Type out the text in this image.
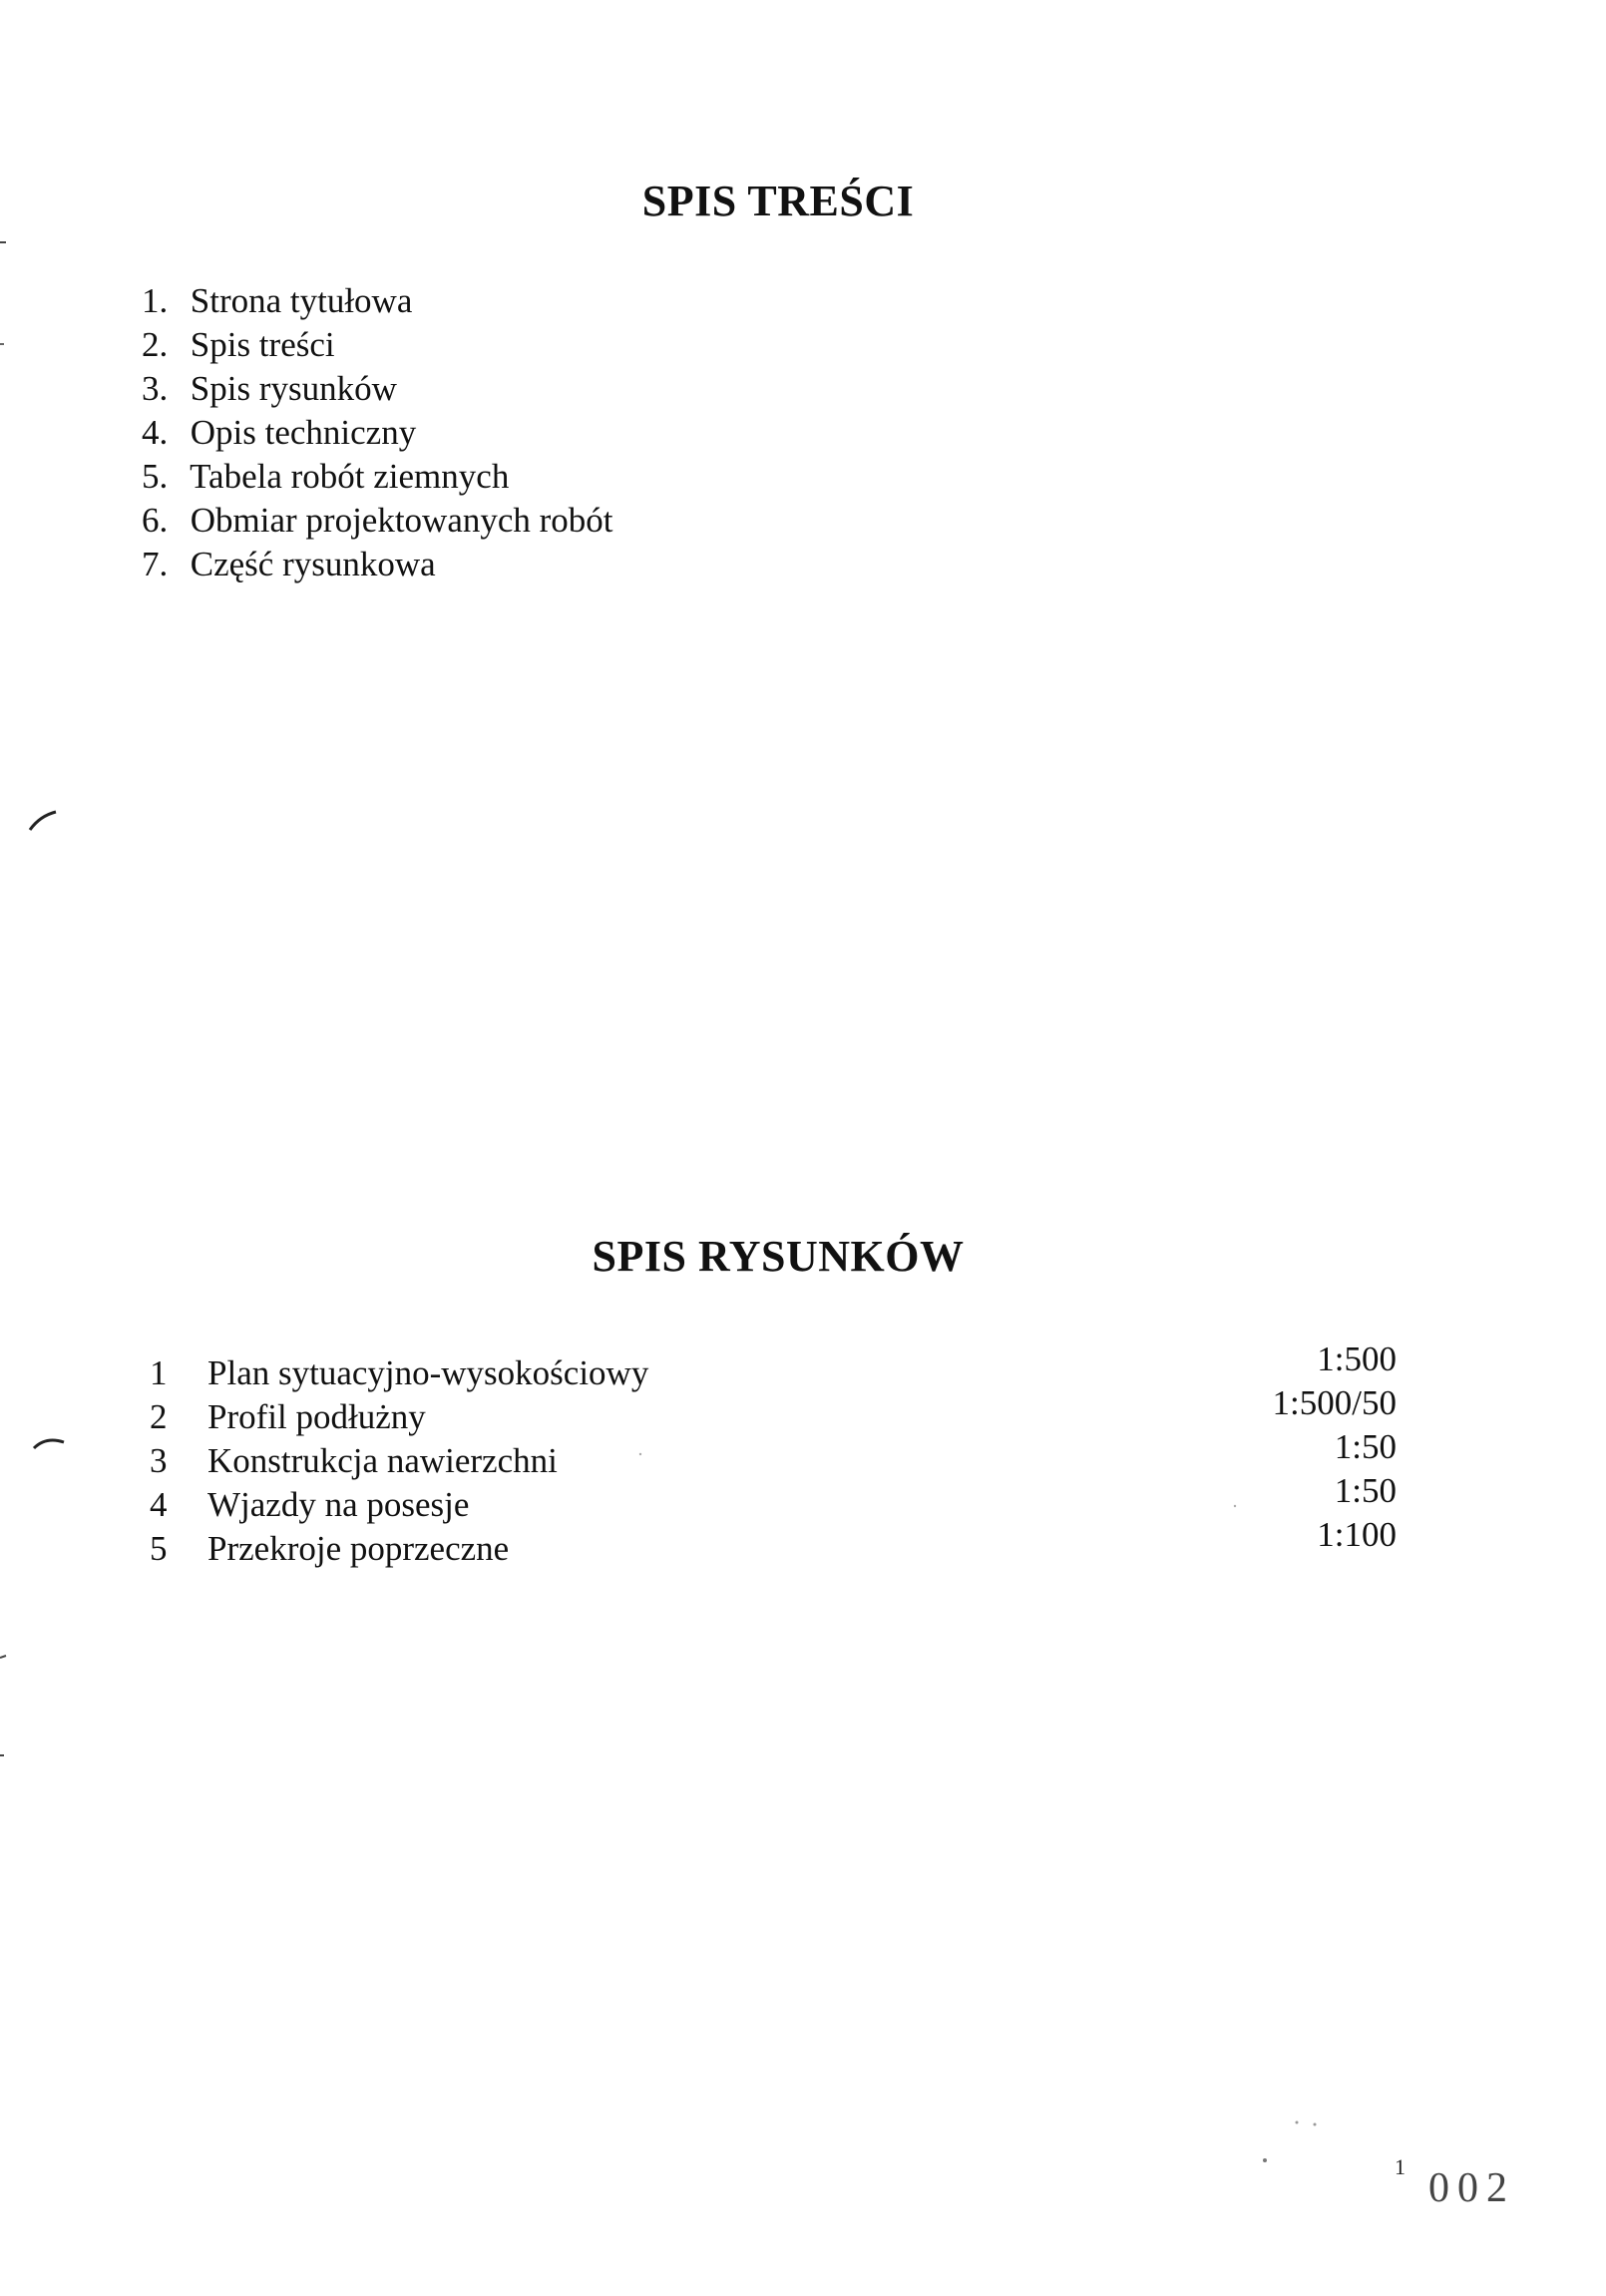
SPIS TREŚCI
1. Strona tytułowa
2. Spis treści
3. Spis rysunków
4. Opis techniczny
5. Tabela robót ziemnych
6. Obmiar projektowanych robót
7. Część rysunkowa
SPIS RYSUNKÓW
1 Plan sytuacyjno-wysokościowy	1:500
2 Profil podłużny	1:500/50
3 Konstrukcja nawierzchni	1:50
4 Wjazdy na posesje	1:50
5 Przekroje poprzeczne	1:100
1 002
